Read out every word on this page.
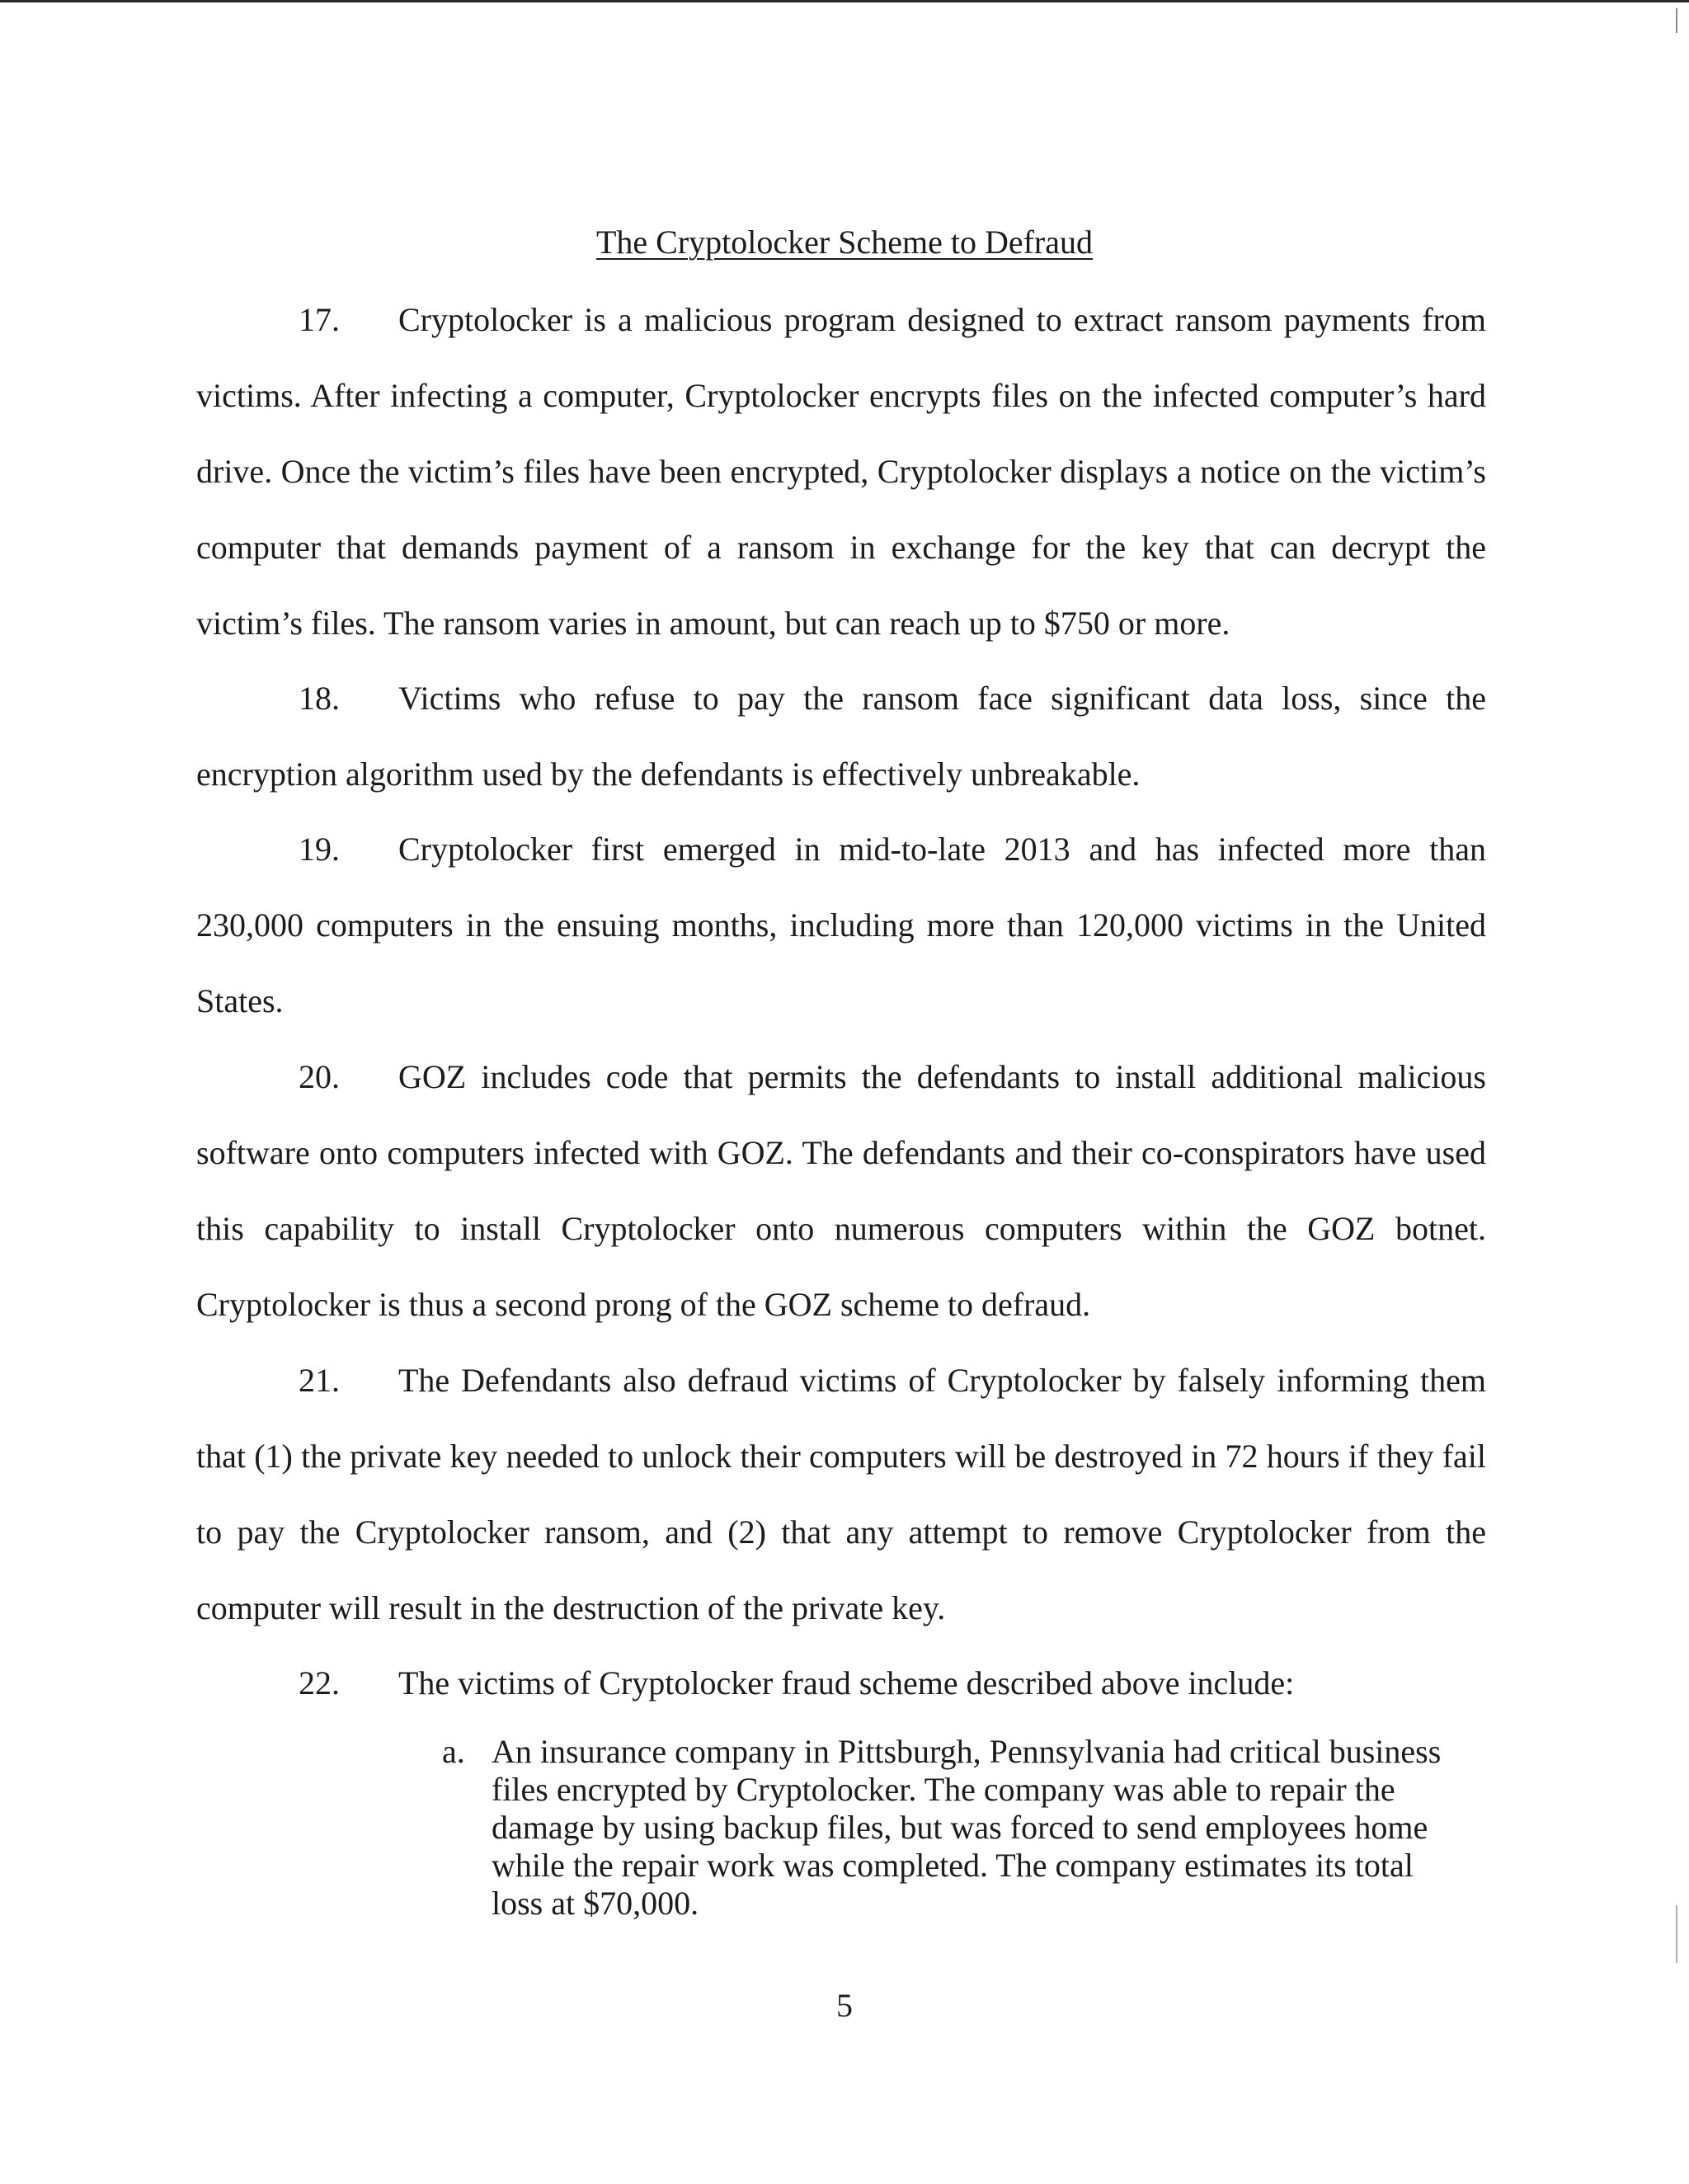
The Cryptolocker Scheme to Defraud
17. Cryptolocker is a malicious program designed to extract ransom payments from victims. After infecting a computer, Cryptolocker encrypts files on the infected computer’s hard drive. Once the victim’s files have been encrypted, Cryptolocker displays a notice on the victim’s computer that demands payment of a ransom in exchange for the key that can decrypt the victim’s files. The ransom varies in amount, but can reach up to $750 or more.
18. Victims who refuse to pay the ransom face significant data loss, since the encryption algorithm used by the defendants is effectively unbreakable.
19. Cryptolocker first emerged in mid-to-late 2013 and has infected more than 230,000 computers in the ensuing months, including more than 120,000 victims in the United States.
20. GOZ includes code that permits the defendants to install additional malicious software onto computers infected with GOZ. The defendants and their co-conspirators have used this capability to install Cryptolocker onto numerous computers within the GOZ botnet. Cryptolocker is thus a second prong of the GOZ scheme to defraud.
21. The Defendants also defraud victims of Cryptolocker by falsely informing them that (1) the private key needed to unlock their computers will be destroyed in 72 hours if they fail to pay the Cryptolocker ransom, and (2) that any attempt to remove Cryptolocker from the computer will result in the destruction of the private key.
22. The victims of Cryptolocker fraud scheme described above include:
a. An insurance company in Pittsburgh, Pennsylvania had critical business files encrypted by Cryptolocker. The company was able to repair the damage by using backup files, but was forced to send employees home while the repair work was completed. The company estimates its total loss at $70,000.
5
